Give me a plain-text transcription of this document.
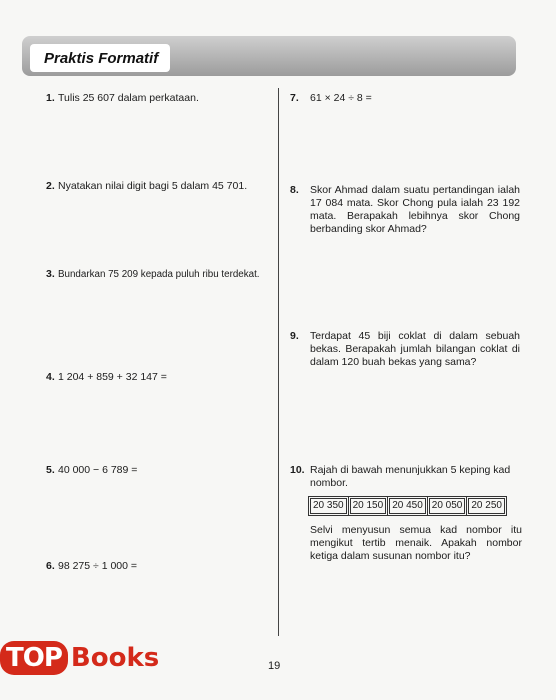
Praktis Formatif
1. Tulis 25 607 dalam perkataan.
2. Nyatakan nilai digit bagi 5 dalam 45 701.
3. Bundarkan 75 209 kepada puluh ribu terdekat.
4. 1 204 + 859 + 32 147 =
5. 40 000 − 6 789 =
6. 98 275 ÷ 1 000 =
7.	61 × 24 ÷ 8 =
8.	Skor Ahmad dalam suatu pertandingan ialah 17 084 mata. Skor Chong pula ialah 23 192 mata. Berapakah lebihnya skor Chong berbanding skor Ahmad?
9.	Terdapat 45 biji coklat di dalam sebuah bekas. Berapakah jumlah bilangan coklat di dalam 120 buah bekas yang sama?
10. Rajah di bawah menunjukkan 5 keping kad nombor.
20 350 20 150 20 450 20 050 20 250
Selvi menyusun semua kad nombor itu mengikut tertib menaik. Apakah nombor ketiga dalam susunan nombor itu?
19
TOP Books
